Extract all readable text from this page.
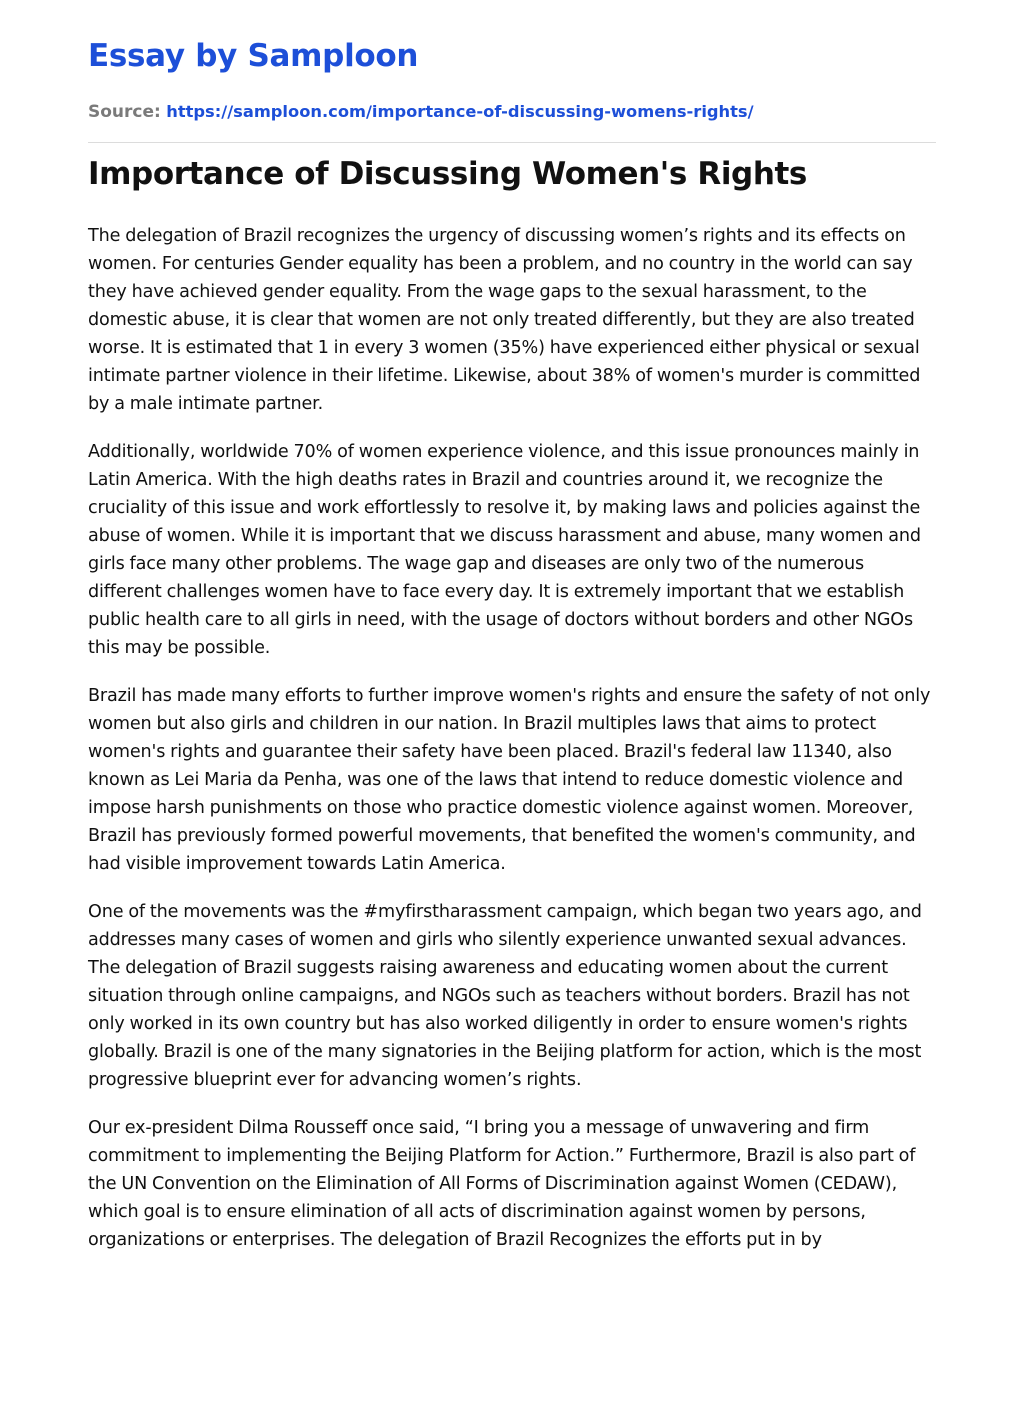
Essay by Samploon
Source: https://samploon.com/importance-of-discussing-womens-rights/
Importance of Discussing Women's Rights

The delegation of Brazil recognizes the urgency of discussing women’s rights and its effects on women. For centuries Gender equality has been a problem, and no country in the world can say they have achieved gender equality. From the wage gaps to the sexual harassment, to the domestic abuse, it is clear that women are not only treated differently, but they are also treated worse. It is estimated that 1 in every 3 women (35%) have experienced either physical or sexual intimate partner violence in their lifetime. Likewise, about 38% of women's murder is committed by a male intimate partner.

Additionally, worldwide 70% of women experience violence, and this issue pronounces mainly in Latin America. With the high deaths rates in Brazil and countries around it, we recognize the cruciality of this issue and work effortlessly to resolve it, by making laws and policies against the abuse of women. While it is important that we discuss harassment and abuse, many women and girls face many other problems. The wage gap and diseases are only two of the numerous different challenges women have to face every day. It is extremely important that we establish public health care to all girls in need, with the usage of doctors without borders and other NGOs this may be possible.

Brazil has made many efforts to further improve women's rights and ensure the safety of not only women but also girls and children in our nation. In Brazil multiples laws that aims to protect women's rights and guarantee their safety have been placed. Brazil's federal law 11340, also known as Lei Maria da Penha, was one of the laws that intend to reduce domestic violence and impose harsh punishments on those who practice domestic violence against women. Moreover, Brazil has previously formed powerful movements, that benefited the women's community, and had visible improvement towards Latin America.

One of the movements was the #myfirstharassment campaign, which began two years ago, and addresses many cases of women and girls who silently experience unwanted sexual advances. The delegation of Brazil suggests raising awareness and educating women about the current situation through online campaigns, and NGOs such as teachers without borders. Brazil has not only worked in its own country but has also worked diligently in order to ensure women's rights globally. Brazil is one of the many signatories in the Beijing platform for action, which is the most progressive blueprint ever for advancing women’s rights.

Our ex-president Dilma Rousseff once said, “I bring you a message of unwavering and firm commitment to implementing the Beijing Platform for Action.” Furthermore, Brazil is also part of the UN Convention on the Elimination of All Forms of Discrimination against Women (CEDAW), which goal is to ensure elimination of all acts of discrimination against women by persons, organizations or enterprises. The delegation of Brazil Recognizes the efforts put in by
